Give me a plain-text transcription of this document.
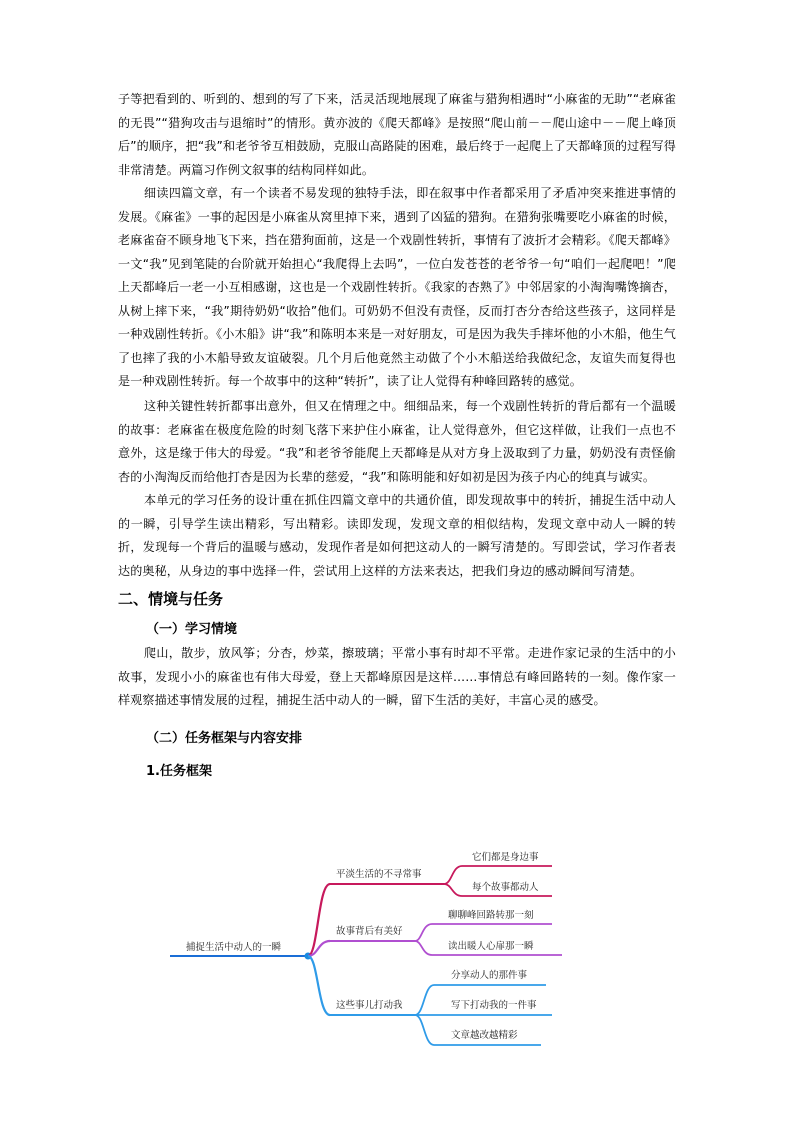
子等把看到的、听到的、想到的写了下来，活灵活现地展现了麻雀与猎狗相遇时“小麻雀的无助”“老麻雀的无畏”“猎狗攻击与退缩时”的情形。黄亦波的《爬天都峰》是按照“爬山前－－爬山途中－－爬上峰顶后”的顺序，把“我”和老爷爷互相鼓励，克服山高路陡的困难，最后终于一起爬上了天都峰顶的过程写得非常清楚。两篇习作例文叙事的结构同样如此。

细读四篇文章，有一个读者不易发现的独特手法，即在叙事中作者都采用了矛盾冲突来推进事情的发展。《麻雀》一事的起因是小麻雀从窝里掉下来，遇到了凶猛的猎狗。在猎狗张嘴要吃小麻雀的时候，老麻雀奋不顾身地飞下来，挡在猎狗面前，这是一个戏剧性转折，事情有了波折才会精彩。《爬天都峰》一文“我”见到笔陡的台阶就开始担心“我爬得上去吗”，一位白发苍苍的老爷爷一句“咱们一起爬吧！”爬上天都峰后一老一小互相感谢，这也是一个戏剧性转折。《我家的杏熟了》中邻居家的小淘淘嘴馋摘杏，从树上摔下来，“我”期待奶奶“收拾”他们。可奶奶不但没有责怪，反而打杏分杏给这些孩子，这同样是一种戏剧性转折。《小木船》讲“我”和陈明本来是一对好朋友，可是因为我失手摔坏他的小木船，他生气了也摔了我的小木船导致友谊破裂。几个月后他竟然主动做了个小木船送给我做纪念，友谊失而复得也是一种戏剧性转折。每一个故事中的这种“转折”，读了让人觉得有种峰回路转的感觉。

这种关键性转折都事出意外，但又在情理之中。细细品来，每一个戏剧性转折的背后都有一个温暖的故事：老麻雀在极度危险的时刻飞落下来护住小麻雀，让人觉得意外，但它这样做，让我们一点也不意外，这是缘于伟大的母爱。“我”和老爷爷能爬上天都峰是从对方身上汲取到了力量，奶奶没有责怪偷杏的小淘淘反而给他打杏是因为长辈的慈爱，“我”和陈明能和好如初是因为孩子内心的纯真与诚实。

本单元的学习任务的设计重在抓住四篇文章中的共通价值，即发现故事中的转折，捕捉生活中动人的一瞬，引导学生读出精彩，写出精彩。读即发现，发现文章的相似结构，发现文章中动人一瞬的转折，发现每一个背后的温暖与感动，发现作者是如何把这动人的一瞬写清楚的。写即尝试，学习作者表达的奥秘，从身边的事中选择一件，尝试用上这样的方法来表达，把我们身边的感动瞬间写清楚。

二、情境与任务
（一）学习情境

爬山，散步，放风筝；分杏，炒菜，擦玻璃；平常小事有时却不平常。走进作家记录的生活中的小故事，发现小小的麻雀也有伟大母爱，登上天都峰原因是这样……事情总有峰回路转的一刻。像作家一样观察描述事情发展的过程，捕捉生活中动人的一瞬，留下生活的美好，丰富心灵的感受。

（二）任务框架与内容安排
1.任务框架
捕捉生活中动人的一瞬
平淡生活的不寻常事
它们都是身边事
每个故事都动人
故事背后有美好
聊聊峰回路转那一刻
读出暖人心扉那一瞬
这些事儿打动我
分享动人的那件事
写下打动我的一件事
文章越改越精彩
